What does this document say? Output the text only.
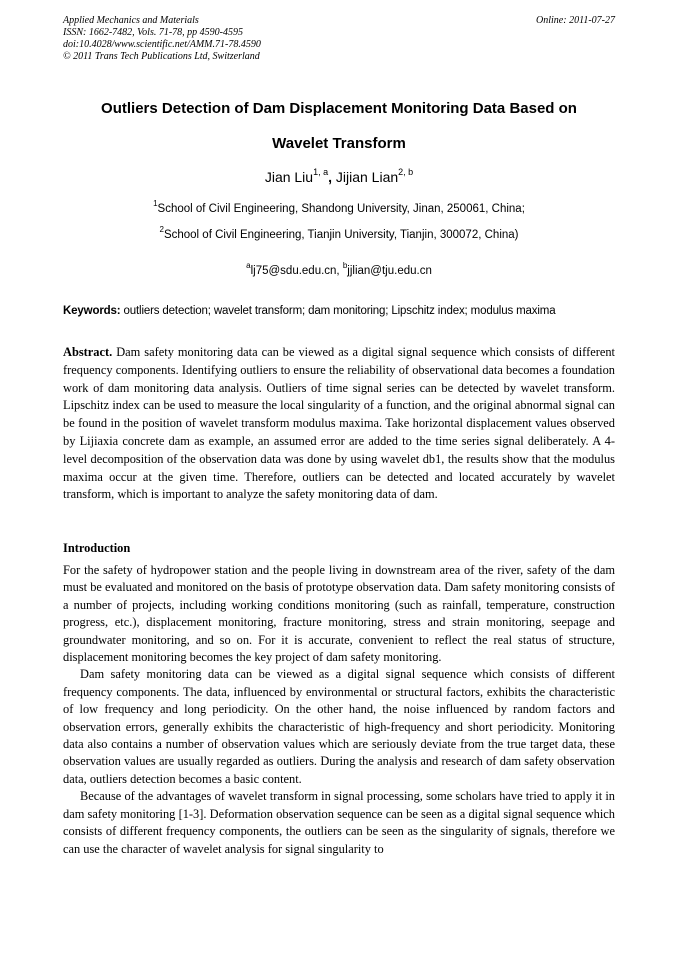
Applied Mechanics and Materials
ISSN: 1662-7482, Vols. 71-78, pp 4590-4595
doi:10.4028/www.scientific.net/AMM.71-78.4590
© 2011 Trans Tech Publications Ltd, Switzerland
Online: 2011-07-27
Outliers Detection of Dam Displacement Monitoring Data Based on
Wavelet Transform
Jian Liu$^{1, a}$, Jijian Lian$^{2, b}$
$^1$School of Civil Engineering, Shandong University, Jinan, 250061, China;
$^2$School of Civil Engineering, Tianjin University, Tianjin, 300072, China)
$^a$lj75@sdu.edu.cn, $^b$jjlian@tju.edu.cn
Keywords: outliers detection; wavelet transform; dam monitoring; Lipschitz index; modulus maxima

Abstract. Dam safety monitoring data can be viewed as a digital signal sequence which consists of different frequency components. Identifying outliers to ensure the reliability of observational data becomes a foundation work of dam monitoring data analysis. Outliers of time signal series can be detected by wavelet transform. Lipschitz index can be used to measure the local singularity of a function, and the original abnormal signal can be found in the position of wavelet transform modulus maxima. Take horizontal displacement values observed by Lijiaxia concrete dam as example, an assumed error are added to the time series signal deliberately. A 4-level decomposition of the observation data was done by using wavelet db1, the results show that the modulus maxima occur at the given time. Therefore, outliers can be detected and located accurately by wavelet transform, which is important to analyze the safety monitoring data of dam.

Introduction

For the safety of hydropower station and the people living in downstream area of the river, safety of the dam must be evaluated and monitored on the basis of prototype observation data. Dam safety monitoring consists of a number of projects, including working conditions monitoring (such as rainfall, temperature, construction progress, etc.), displacement monitoring, fracture monitoring, stress and strain monitoring, seepage and groundwater monitoring, and so on. For it is accurate, convenient to reflect the real status of structure, displacement monitoring becomes the key project of dam safety monitoring.

Dam safety monitoring data can be viewed as a digital signal sequence which consists of different frequency components. The data, influenced by environmental or structural factors, exhibits the characteristic of low frequency and long periodicity. On the other hand, the noise influenced by random factors and observation errors, generally exhibits the characteristic of high-frequency and short periodicity. Monitoring data also contains a number of observation values which are seriously deviate from the true target data, these observation values are usually regarded as outliers. During the analysis and research of dam safety observation data, outliers detection becomes a basic content.

Because of the advantages of wavelet transform in signal processing, some scholars have tried to apply it in dam safety monitoring [1-3]. Deformation observation sequence can be seen as a digital signal sequence which consists of different frequency components, the outliers can be seen as the singularity of signals, therefore we can use the character of wavelet analysis for signal singularity to
